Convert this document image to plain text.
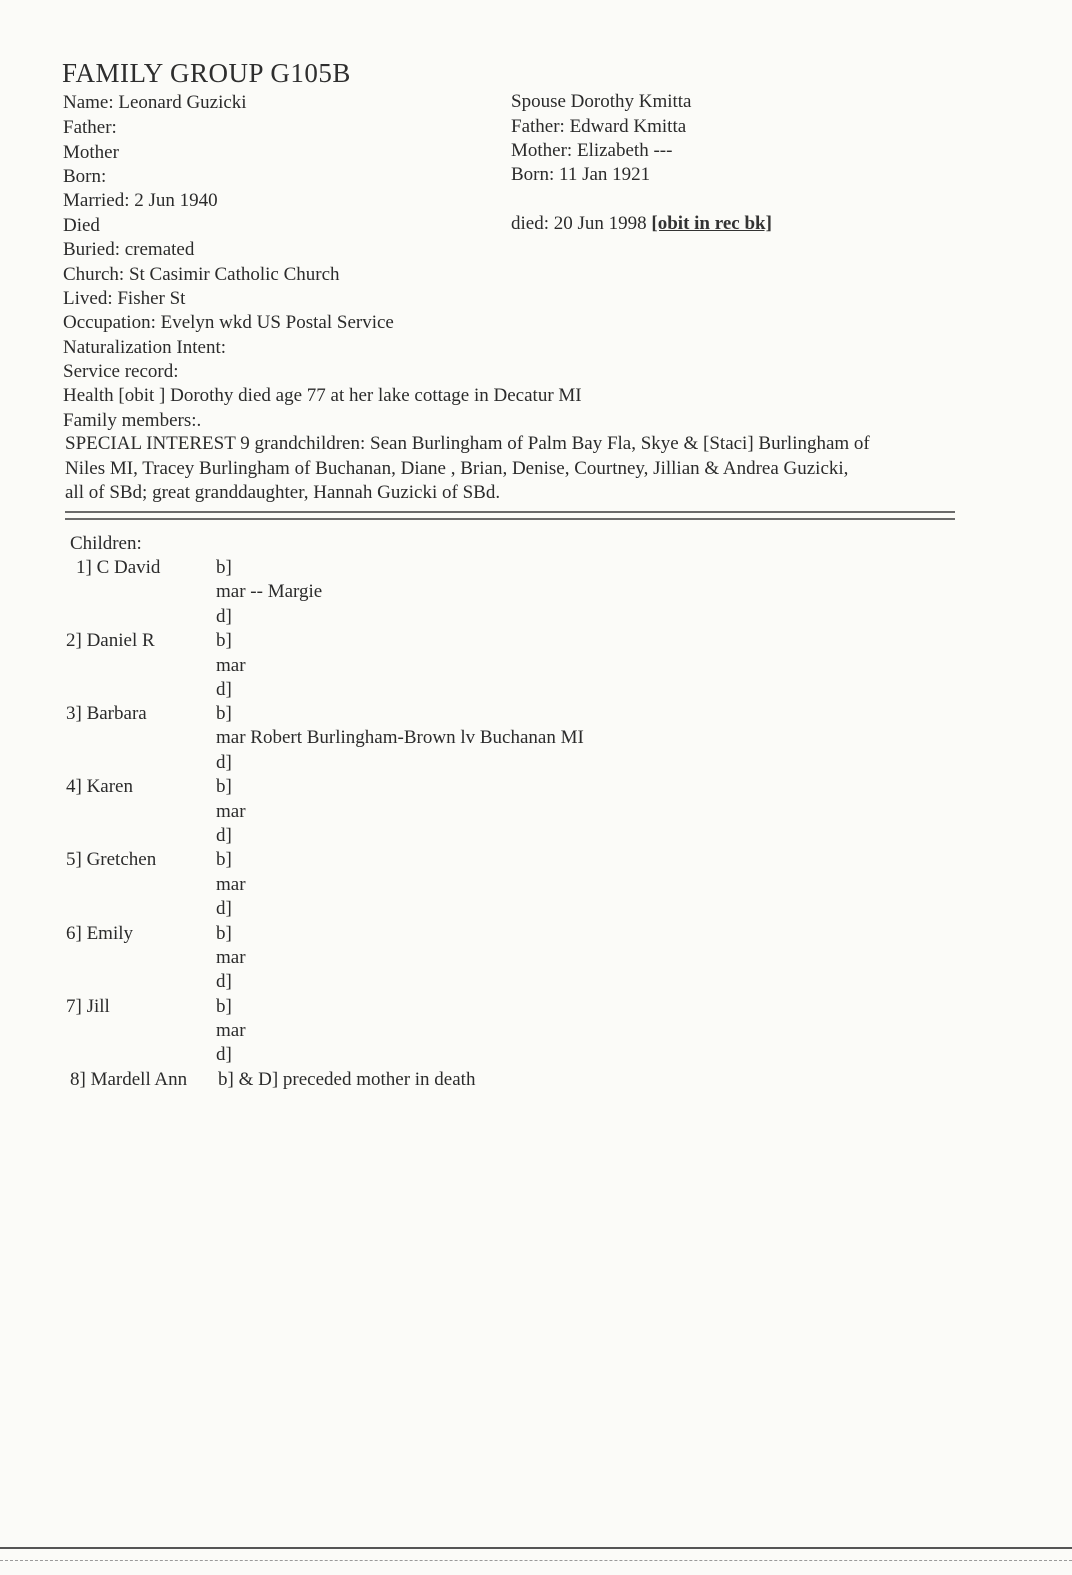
FAMILY GROUP G105B
Name: Leonard Guzicki
Father:
Mother
Born:
Married: 2 Jun 1940
Died
Buried: cremated
Church: St Casimir Catholic Church
Lived: Fisher St
Occupation: Evelyn wkd US Postal Service
Naturalization Intent:
Service record:
Health [obit ] Dorothy died age 77 at her lake cottage in Decatur MI
Family members:.
Spouse Dorothy Kmitta
Father: Edward Kmitta
Mother: Elizabeth ---
Born: 11 Jan 1921
died: 20 Jun 1998 [obit in rec bk]
SPECIAL INTEREST 9 grandchildren: Sean Burlingham of Palm Bay Fla, Skye & [Staci] Burlingham of
Niles MI, Tracey Burlingham of Buchanan, Diane , Brian, Denise, Courtney, Jillian & Andrea Guzicki,
all of SBd; great granddaughter, Hannah Guzicki of SBd.
Children:
1] C David	b]
mar -- Margie
d]
2] Daniel R	b]
mar
d]
3] Barbara	b]
mar Robert Burlingham-Brown lv Buchanan MI
d]
4] Karen	b]
mar
d]
5] Gretchen	b]
mar
d]
6] Emily	b]
mar
d]
7] Jill	b]
mar
d]
8] Mardell Ann b] & D] preceded mother in death
